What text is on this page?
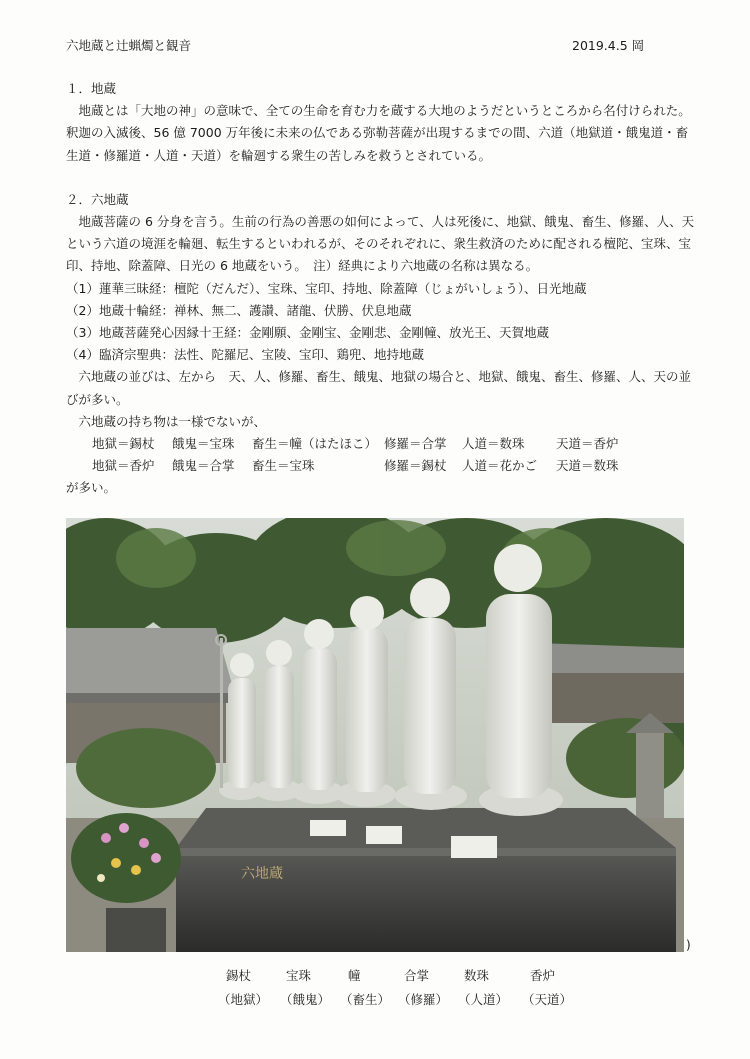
六地蔵と辻蝋燭と観音	2019.4.5 岡

１．地蔵

地蔵とは「大地の神」の意味で、全ての生命を育む力を蔵する大地のようだというところから名付けられた。釈迦の入滅後、56 億 7000 万年後に未来の仏である弥勒菩薩が出現するまでの間、六道（地獄道・餓鬼道・畜生道・修羅道・人道・天道）を輪廻する衆生の苦しみを救うとされている。

２．六地蔵

地蔵菩薩の 6 分身を言う。生前の行為の善悪の如何によって、人は死後に、地獄、餓鬼、畜生、修羅、人、天という六道の境涯を輪廻、転生するといわれるが、そのそれぞれに、衆生救済のために配される檀陀、宝珠、宝印、持地、除蓋障、日光の 6 地蔵をいう。　注）経典により六地蔵の名称は異なる。

（1）蓮華三昧経：檀陀（だんだ）、宝珠、宝印、持地、除蓋障（じょがいしょう）、日光地蔵

（2）地蔵十輪経：禅林、無二、護讃、諸龍、伏勝、伏息地蔵

（3）地蔵菩薩発心因縁十王経：金剛願、金剛宝、金剛悲、金剛幢、放光王、天賀地蔵

（4）臨済宗聖典：法性、陀羅尼、宝陵、宝印、鶏兜、地持地蔵

六地蔵の並びは、左から　天、人、修羅、畜生、餓鬼、地獄の場合と、地獄、餓鬼、畜生、修羅、人、天の並びが多い。

六地蔵の持ち物は一様でないが、

地獄＝錫杖 餓鬼＝宝珠 畜生＝幢（はたほこ） 修羅＝合掌 人道＝数珠	天道＝香炉
地獄＝香炉 餓鬼＝合掌 畜生＝宝珠	修羅＝錫杖 人道＝花かご 天道＝数珠

が多い。

六地蔵
)
錫杖	宝珠	幢	合掌	数珠	香炉
（地獄） （餓鬼） （畜生） （修羅） （人道） （天道）
